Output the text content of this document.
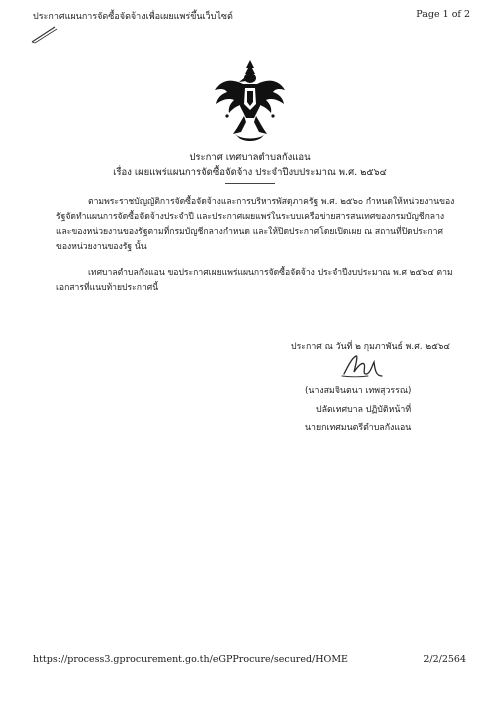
ประกาศแผนการจัดซื้อจัดจ้างเพื่อเผยแพร่ขึ้นเว็บไซต์	Page 1 of 2
ประกาศ เทศบาลตำบลกังแอน
เรื่อง เผยแพร่แผนการจัดซื้อจัดจ้าง ประจำปีงบประมาณ พ.ศ. ๒๕๖๔
ตามพระราชบัญญัติการจัดซื้อจัดจ้างและการบริหารพัสดุภาครัฐ พ.ศ. ๒๕๖๐ กำหนดให้หน่วยงานของรัฐจัดทำแผนการจัดซื้อจัดจ้างประจำปี และประกาศเผยแพร่ในระบบเครือข่ายสารสนเทศของกรมบัญชีกลางและของหน่วยงานของรัฐตามที่กรมบัญชีกลางกำหนด และให้ปิดประกาศโดยเปิดเผย ณ สถานที่ปิดประกาศของหน่วยงานของรัฐ นั้น
เทศบาลตำบลกังแอน ขอประกาศเผยแพร่แผนการจัดซื้อจัดจ้าง ประจำปีงบประมาณ พ.ศ ๒๕๖๔ ตามเอกสารที่แนบท้ายประกาศนี้
ประกาศ ณ วันที่ ๒ กุมภาพันธ์ พ.ศ. ๒๕๖๔
(นางสมจินตนา เทพสุวรรณ)
ปลัดเทศบาล ปฏิบัติหน้าที่
นายกเทศมนตรีตำบลกังแอน
https://process3.gprocurement.go.th/eGPProcure/secured/HOME	2/2/2564
